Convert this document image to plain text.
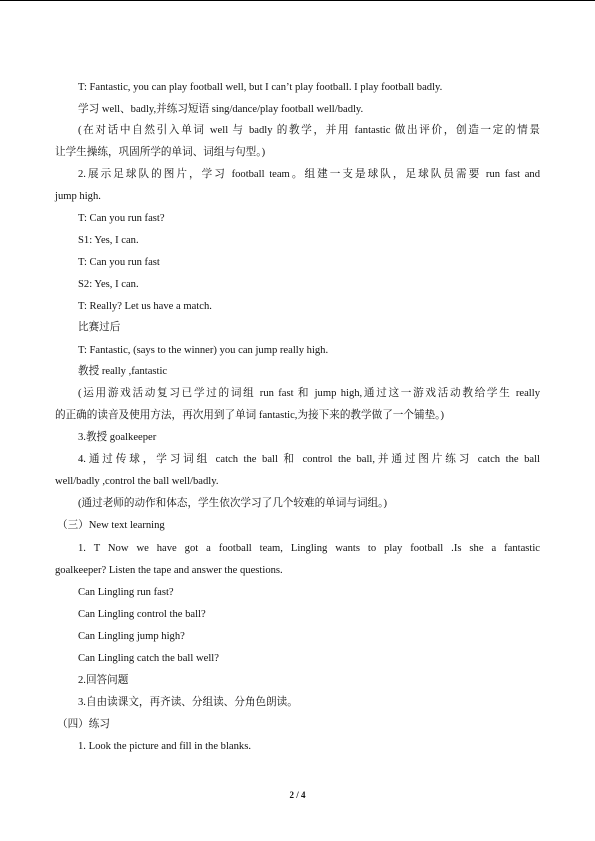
T: Fantastic, you can play football well, but I can’t play football. I play football badly.
学习 well、badly,并练习短语 sing/dance/play football well/badly.
(在对话中自然引入单词 well 与 badly 的教学，并用 fantastic 做出评价，创造一定的情景
让学生操练，巩固所学的单词、词组与句型。)
2.展示足球队的图片，学习 football team。组建一支是球队，足球队员需要 run fast and
jump high.
T: Can you run fast?
S1: Yes, I can.
T: Can you run fast
S2: Yes, I can.
T: Really? Let us have a match.
比赛过后
T: Fantastic, (says to the winner) you can jump really high.
教授 really ,fantastic
(运用游戏活动复习已学过的词组 run fast 和 jump high,通过这一游戏活动教给学生 really
的正确的读音及使用方法，再次用到了单词 fantastic,为接下来的教学做了一个铺垫。)
3.教授 goalkeeper
4.通过传球，学习词组 catch the ball 和 control the ball,并通过图片练习 catch the ball
well/badly ,control the ball well/badly.
(通过老师的动作和体态，学生依次学习了几个较难的单词与词组。)
（三）New text learning
1. T Now we have got a football team, Lingling wants to play football .Is she a fantastic
goalkeeper? Listen the tape and answer the questions.
Can Lingling run fast?
Can Lingling control the ball?
Can Lingling jump high?
Can Lingling catch the ball well?
2.回答问题
3.自由读课文，再齐读、分组读、分角色朗读。
（四）练习
1. Look the picture and fill in the blanks.
2 / 4
